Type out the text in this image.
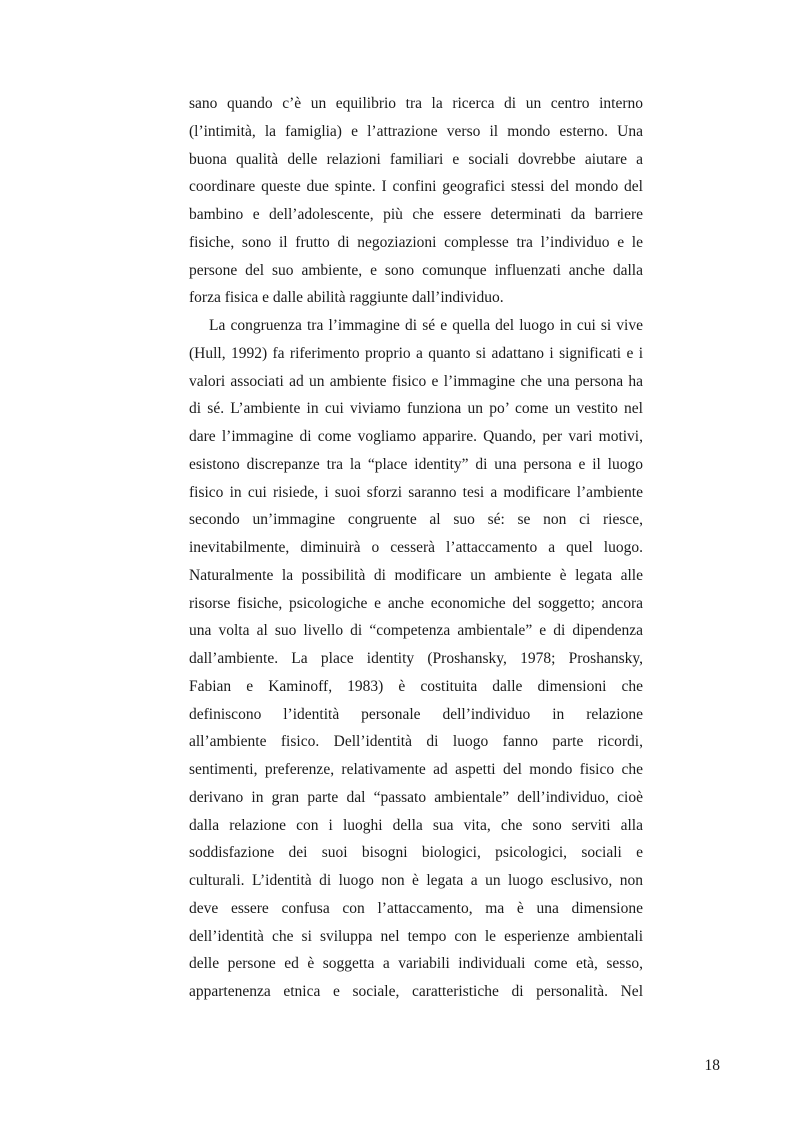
sano quando c’è un equilibrio tra la ricerca di un centro interno
(l’intimità, la famiglia) e l’attrazione verso il mondo esterno. Una
buona qualità delle relazioni familiari e sociali dovrebbe aiutare a
coordinare queste due spinte. I confini geografici stessi del mondo del
bambino e dell’adolescente, più che essere determinati da barriere
fisiche, sono il frutto di negoziazioni complesse tra l’individuo e le
persone del suo ambiente, e sono comunque influenzati anche dalla
forza fisica e dalle abilità raggiunte dall’individuo.
La congruenza tra l’immagine di sé e quella del luogo in cui si vive
(Hull, 1992) fa riferimento proprio a quanto si adattano i significati e i
valori associati ad un ambiente fisico e l’immagine che una persona ha
di sé. L’ambiente in cui viviamo funziona un po’ come un vestito nel
dare l’immagine di come vogliamo apparire. Quando, per vari motivi,
esistono discrepanze tra la “place identity” di una persona e il luogo
fisico in cui risiede, i suoi sforzi saranno tesi a modificare l’ambiente
secondo un’immagine congruente al suo sé: se non ci riesce,
inevitabilmente, diminuirà o cesserà l’attaccamento a quel luogo.
Naturalmente la possibilità di modificare un ambiente è legata alle
risorse fisiche, psicologiche e anche economiche del soggetto; ancora
una volta al suo livello di “competenza ambientale” e di dipendenza
dall’ambiente. La place identity (Proshansky, 1978; Proshansky,
Fabian e Kaminoff, 1983) è costituita dalle dimensioni che
definiscono l’identità personale dell’individuo in relazione
all’ambiente fisico. Dell’identità di luogo fanno parte ricordi,
sentimenti, preferenze, relativamente ad aspetti del mondo fisico che
derivano in gran parte dal “passato ambientale” dell’individuo, cioè
dalla relazione con i luoghi della sua vita, che sono serviti alla
soddisfazione dei suoi bisogni biologici, psicologici, sociali e
culturali. L’identità di luogo non è legata a un luogo esclusivo, non
deve essere confusa con l’attaccamento, ma è una dimensione
dell’identità che si sviluppa nel tempo con le esperienze ambientali
delle persone ed è soggetta a variabili individuali come età, sesso,
appartenenza etnica e sociale, caratteristiche di personalità. Nel
18
